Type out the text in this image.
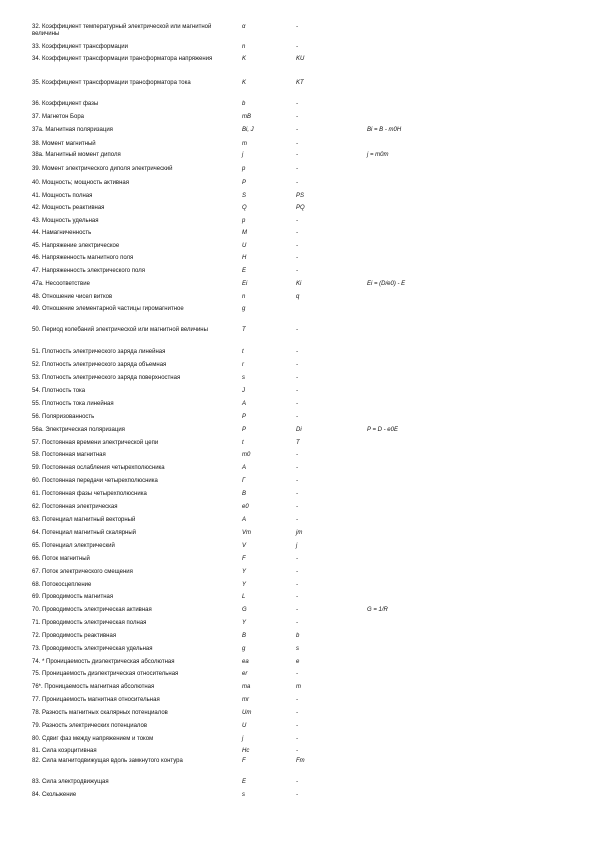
32. Коэффициент температурный электрической или магнитной величины
α	-
33. Коэффициент трансформации	n	-
34. Коэффициент трансформации трансформатора напряжения	K	KU
35. Коэффициент трансформации трансформатора тока	K	KT
36. Коэффициент фазы	b	-
37. Магнетон Бора	mB	-
37a. Магнитная поляризация	Bi, J	-	Bi = B - m0H
38. Момент магнитный	m	-
38a. Магнитный момент диполя	j	-	j = m0m
39. Момент электрического диполя электрический	p	-
40. Мощность; мощность активная	P	-
41. Мощность полная	S	PS
42. Мощность реактивная	Q	PQ
43. Мощность удельная	p	-
44. Намагниченность	M	-
45. Напряжение электрическое	U	-
46. Напряженность магнитного поля	H	-
47. Напряженность электрического поля	E	-
47a. Несоответствие	Ei	Ki	Ei = (D/e0) - E
48. Отношение чисел витков	n	q
49. Отношение элементарной частицы гиромагнитное	g
50. Период колебаний электрической или магнитной величины	T	-
51. Плотность электрического заряда линейная	t	-
52. Плотность электрического заряда объемная	r	-
53. Плотность электрического заряда поверхностная	s	-
54. Плотность тока	J	-
55. Плотность тока линейная	A	-
56. Поляризованность	P	-
56a. Электрическая поляризация	P	Di	P = D - e0E
57. Постоянная времени электрической цепи	t	T
58. Постоянная магнитная	m0	-
59. Постоянная ослабления четырехполюсника	A	-
60. Постоянная передачи четырехполюсника	Г	-
61. Постоянная фазы четырехполюсника	B	-
62. Постоянная электрическая	e0	-
63. Потенциал магнитный векторный	A	-
64. Потенциал магнитный скалярный	Vm	jm
65. Потенциал электрический	V	j
66. Поток магнитный	F	-
67. Поток электрического смещения	Y	-
68. Потокосцепление	Y	-
69. Проводимость магнитная	L	-
70. Проводимость электрическая активная	G	-	G = 1/R
71. Проводимость электрическая полная	Y	-
72. Проводимость реактивная	B	b
73. Проводимость электрическая удельная	g	s
74. * Проницаемость диэлектрическая абсолютная	ea	e
75. Проницаемость диэлектрическая относительная	er	-
76*. Проницаемость магнитная абсолютная	ma	m
77. Проницаемость магнитная относительная	mr	-
78. Разность магнитных скалярных потенциалов	Um	-
79. Разность электрических потенциалов	U	-
80. Сдвиг фаз между напряжением и током	j	-
81. Сила коэрцитивная	Hc	-
82. Сила магнитодвижущая вдоль замкнутого контура	F	Fm
83. Сила электродвижущая	E	-
84. Скольжение	s	-
